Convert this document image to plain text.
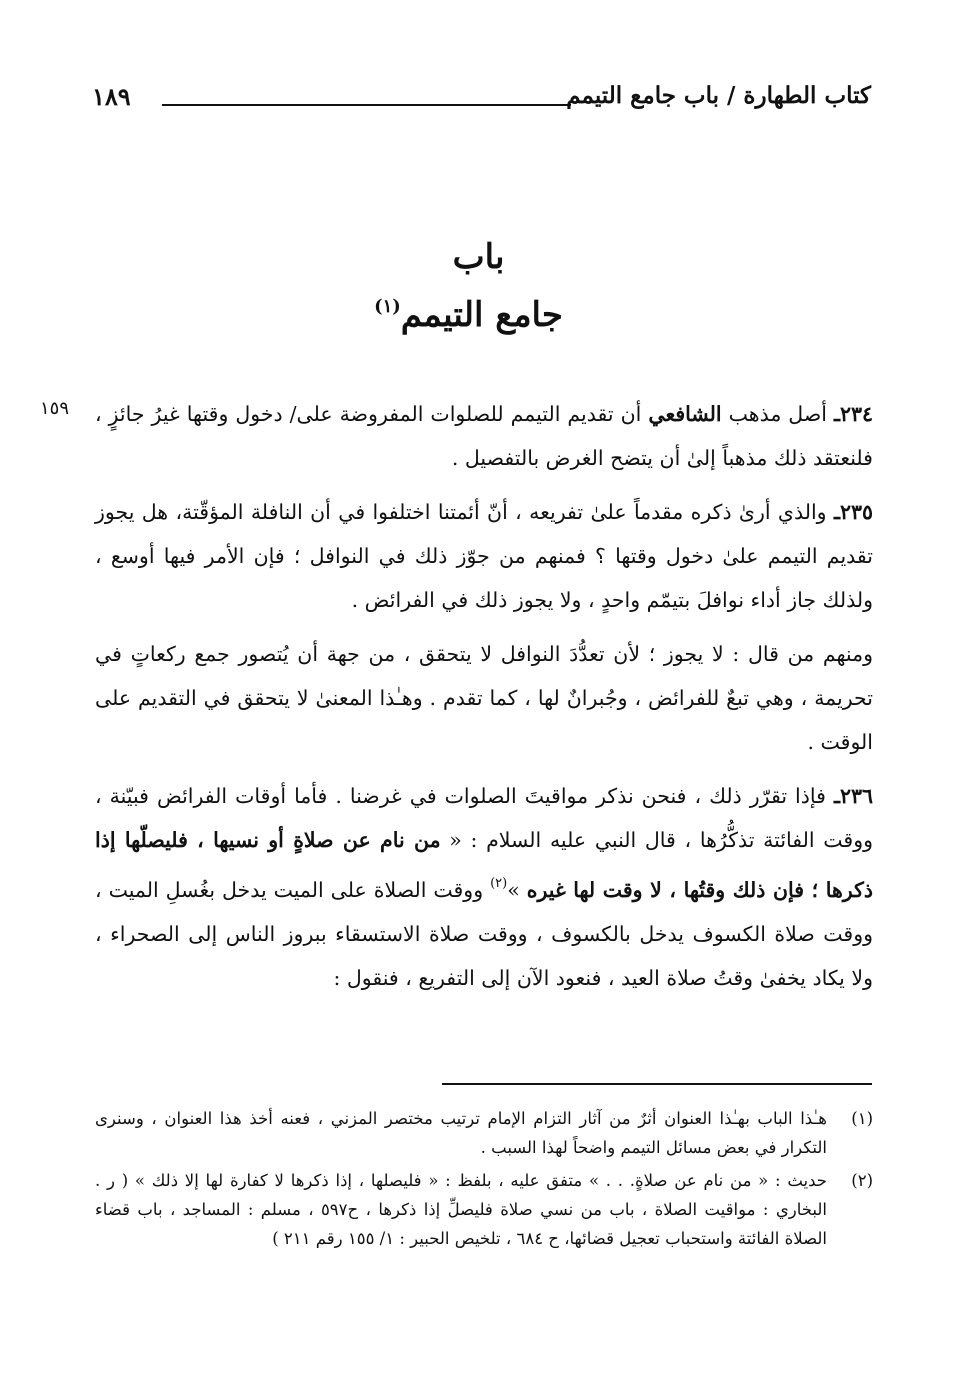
كتاب الطهارة / باب جامع التيمم
١٨٩
باب
جامع التيمم$^{(١)}$
١٥٩	٢٣٤ـ أصل مذهب الشافعي أن تقديم التيمم للصلوات المفروضة على/ دخول وقتها غيرُ جائزٍ ، فلنعتقد ذلك مذهباً إلىٰ أن يتضح الغرض بالتفصيل .

٢٣٥ـ والذي أرىٰ ذكره مقدماً علىٰ تفريعه ، أنّ أئمتنا اختلفوا في أن النافلة المؤقّتة، هل يجوز تقديم التيمم علىٰ دخول وقتها ؟ فمنهم من جوّز ذلك في النوافل ؛ فإن الأمر فيها أوسع ، ولذلك جاز أداء نوافلَ بتيمّم واحدٍ ، ولا يجوز ذلك في الفرائض .

ومنهم من قال : لا يجوز ؛ لأن تعدُّدَ النوافل لا يتحقق ، من جهة أن يُتصور جمع ركعاتٍ في تحريمة ، وهي تبعٌ للفرائض ، وجُبرانٌ لها ، كما تقدم . وهـٰذا المعنىٰ لا يتحقق في التقديم على الوقت .

٢٣٦ـ فإذا تقرّر ذلك ، فنحن نذكر مواقيتَ الصلوات في غرضنا . فأما أوقات الفرائض فبيّنة ، ووقت الفائتة تذكُّرُها ، قال النبي عليه السلام : « من نام عن صلاةٍ أو نسيها ، فليصلّها إذا ذكرها ؛ فإن ذلك وقتُها ، لا وقت لها غيره »$^{(٢)}$ ووقت الصلاة على الميت يدخل بغُسلِ الميت ، ووقت صلاة الكسوف يدخل بالكسوف ، ووقت صلاة الاستسقاء ببروز الناس إلى الصحراء ، ولا يكاد يخفىٰ وقتُ صلاة العيد ، فنعود الآن إلى التفريع ، فنقول :

(١)
هـٰذا الباب بهـٰذا العنوان أثرٌ من آثار التزام الإمام ترتيب مختصر المزني ، فعنه أخذ هذا العنوان ، وسنرى التكرار في بعض مسائل التيمم واضحاً لهذا السبب .
(٢)
حديث : « من نام عن صلاةٍ. . . » متفق عليه ، بلفظ : « فليصلها ، إذا ذكرها لا كفارة لها إلا ذلك » ( ر . البخاري : مواقيت الصلاة ، باب من نسي صلاة فليصلِّ إذا ذكرها ، ح٥٩٧ ، مسلم : المساجد ، باب قضاء الصلاة الفائتة واستحباب تعجيل قضائها، ح ٦٨٤ ، تلخيص الحبير : ١/ ١٥٥ رقم ٢١١ )
